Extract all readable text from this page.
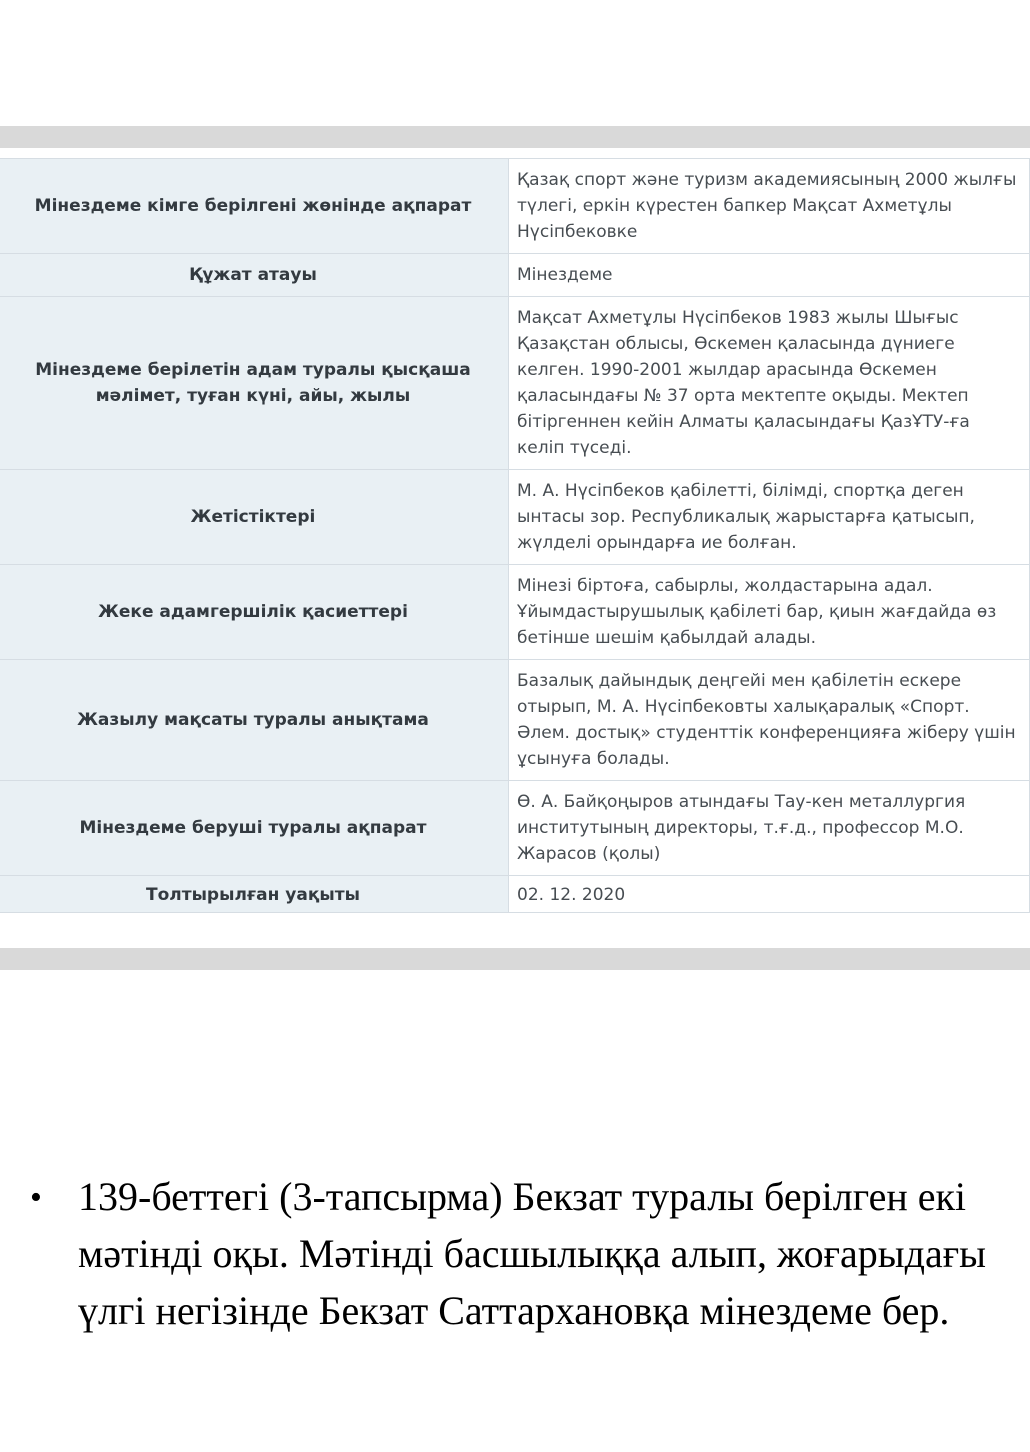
Мінездеме кімге берілгені жөнінде ақпарат	Қазақ спорт және туризм академиясының 2000 жылғы түлегі, еркін күрестен бапкер Мақсат Ахметұлы Нүсіпбековке
Құжат атауы	Мінездеме
Мінездеме берілетін адам туралы қысқаша мәлімет, туған күні, айы, жылы	Мақсат Ахметұлы Нүсіпбеков 1983 жылы Шығыс Қазақстан облысы, Өскемен қаласында дүниеге келген. 1990-2001 жылдар арасында Өскемен қаласындағы № 37 орта мектепте оқыды. Мектеп бітіргеннен кейін Алматы қаласындағы ҚазҰТУ-ға келіп түседі.
Жетістіктері	М. А. Нүсіпбеков қабілетті, білімді, спортқа деген ынтасы зор. Республикалық жарыстарға қатысып, жүлделі орындарға ие болған.
Жеке адамгершілік қасиеттері	Мінезі біртоға, сабырлы, жолдастарына адал. Ұйымдастырушылық қабілеті бар, қиын жағдайда өз бетінше шешім қабылдай алады.
Жазылу мақсаты туралы анықтама	Базалық дайындық деңгейі мен қабілетін ескере отырып, М. А. Нүсіпбековты халықаралық «Спорт. Әлем. достық» студенттік конференцияға жіберу үшін ұсынуға болады.
Мінездеме беруші туралы ақпарат	Ө. А. Байқоңыров атындағы Тау-кен металлургия институтының директоры, т.ғ.д., профессор М.О. Жарасов (қолы)
Толтырылған уақыты	02. 12. 2020
• 139-беттегі (3-тапсырма) Бекзат туралы берілген екі мәтінді оқы. Мәтінді басшылыққа алып, жоғарыдағы үлгі негізінде Бекзат Саттархановқа мінездеме бер.
